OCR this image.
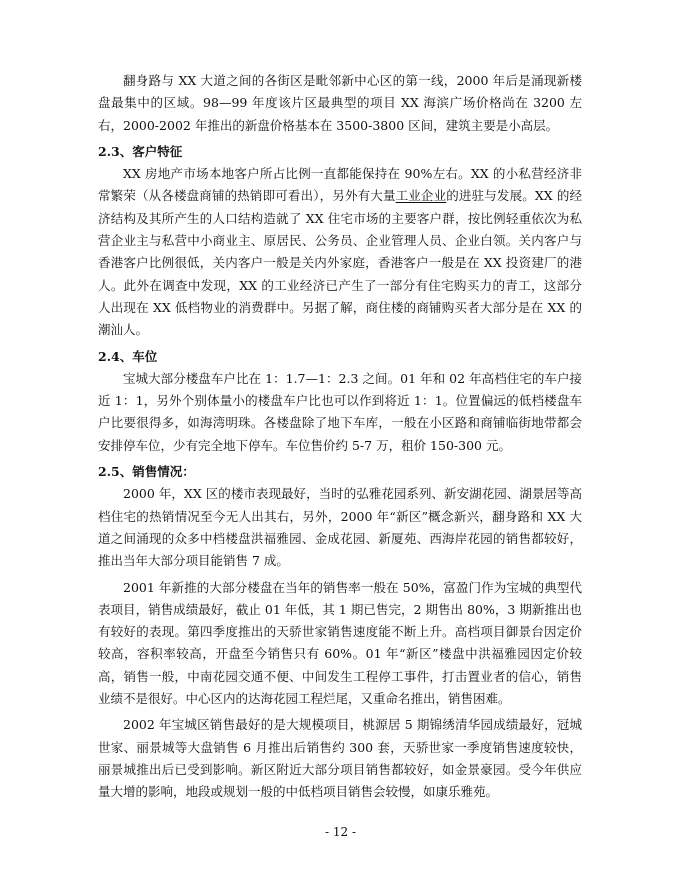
翻身路与 XX 大道之间的各街区是毗邻新中心区的第一线，2000 年后是涌现新楼盘最集中的区域。98—99 年度该片区最典型的项目 XX 海滨广场价格尚在 3200 左右，2000-2002 年推出的新盘价格基本在 3500-3800 区间，建筑主要是小高层。

2.3、客户特征

XX 房地产市场本地客户所占比例一直都能保持在 90%左右。XX 的小私营经济非常繁荣（从各楼盘商铺的热销即可看出），另外有大量工业企业的进驻与发展。XX 的经济结构及其所产生的人口结构造就了 XX 住宅市场的主要客户群，按比例轻重依次为私营企业主与私营中小商业主、原居民、公务员、企业管理人员、企业白领。关内客户与香港客户比例很低，关内客户一般是关内外家庭，香港客户一般是在 XX 投资建厂的港人。此外在调查中发现，XX 的工业经济已产生了一部分有住宅购买力的青工，这部分人出现在 XX 低档物业的消费群中。另据了解，商住楼的商铺购买者大部分是在 XX 的潮汕人。

2.4、车位

宝城大部分楼盘车户比在 1：1.7—1：2.3 之间。01 年和 02 年高档住宅的车户接近 1：1，另外个别体量小的楼盘车户比也可以作到将近 1：1。位置偏远的低档楼盘车户比要很得多，如海湾明珠。各楼盘除了地下车库，一般在小区路和商铺临街地带都会安排停车位，少有完全地下停车。车位售价约 5-7 万，租价 150-300 元。

2.5、销售情况：

2000 年，XX 区的楼市表现最好，当时的弘雅花园系列、新安湖花园、湖景居等高档住宅的热销情况至今无人出其右，另外，2000 年“新区”概念新兴，翻身路和 XX 大道之间涌现的众多中档楼盘洪福雅园、金成花园、新厦苑、西海岸花园的销售都较好，推出当年大部分项目能销售 7 成。

2001 年新推的大部分楼盘在当年的销售率一般在 50%，富盈门作为宝城的典型代表项目，销售成绩最好，截止 01 年低，其 1 期已售完，2 期售出 80%，3 期新推出也有较好的表现。第四季度推出的天骄世家销售速度能不断上升。高档项目御景台因定价较高，容积率较高，开盘至今销售只有 60%。01 年“新区”楼盘中洪福雅园因定价较高，销售一般，中南花园交通不便、中间发生工程停工事件，打击置业者的信心，销售业绩不是很好。中心区内的达海花园工程烂尾，又重命名推出，销售困难。

2002 年宝城区销售最好的是大规模项目，桃源居 5 期锦绣清华园成绩最好，冠城世家、丽景城等大盘销售 6 月推出后销售约 300 套，天骄世家一季度销售速度较快，丽景城推出后已受到影响。新区附近大部分项目销售都较好，如金景豪园。受今年供应量大增的影响，地段或规划一般的中低档项目销售会较慢，如康乐雅苑。

- 12 -
